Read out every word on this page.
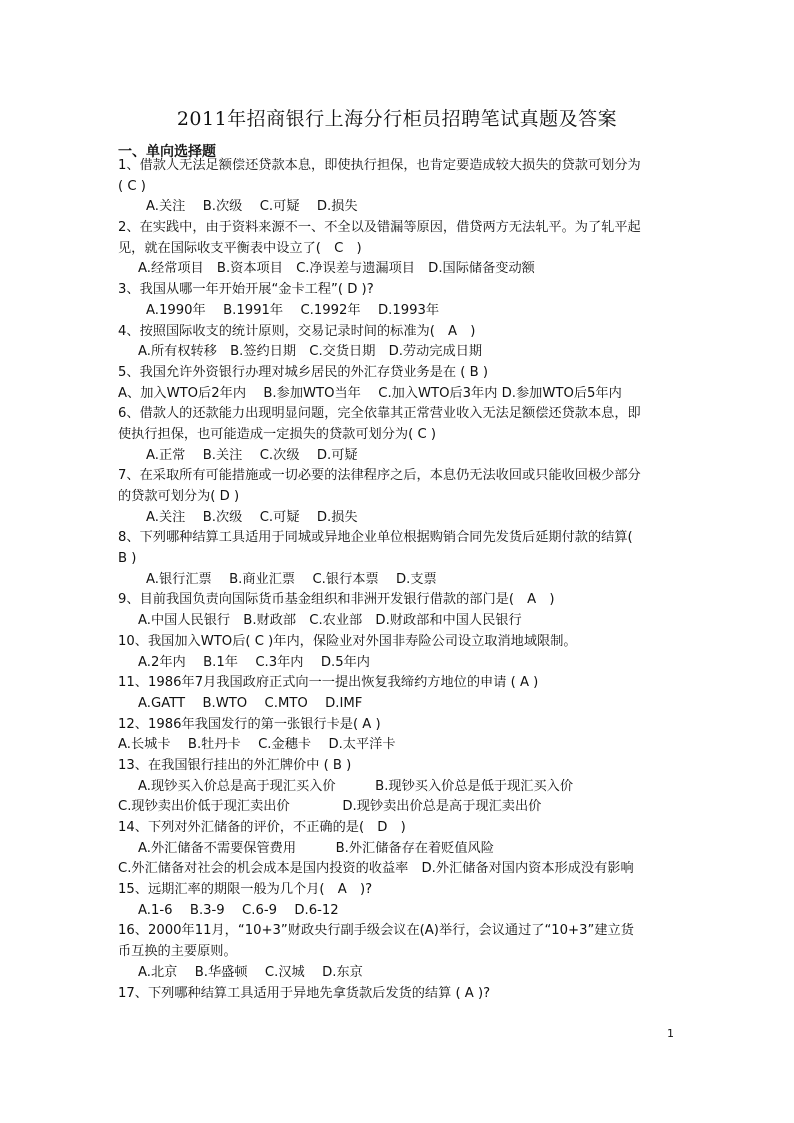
2011年招商银行上海分行柜员招聘笔试真题及答案
一、单向选择题
1、借款人无法足额偿还贷款本息，即使执行担保，也肯定要造成较大损失的贷款可划分为
( C )
A.关注　 B.次级　 C.可疑　 D.损失
2、在实践中，由于资料来源不一、不全以及错漏等原因，借贷两方无法轧平。为了轧平起
见，就在国际收支平衡表中设立了(　C　)
A.经常项目　B.资本项目　C.净误差与遗漏项目　D.国际储备变动额
3、我国从哪一年开始开展“金卡工程”( D )?
A.1990年　 B.1991年　 C.1992年　 D.1993年
4、按照国际收支的统计原则，交易记录时间的标准为(　A　)
A.所有权转移　B.签约日期　C.交货日期　D.劳动完成日期
5、我国允许外资银行办理对城乡居民的外汇存贷业务是在 ( B )
A、加入WTO后2年内　 B.参加WTO当年　 C.加入WTO后3年内 D.参加WTO后5年内
6、借款人的还款能力出现明显问题，完全依靠其正常营业收入无法足额偿还贷款本息，即
使执行担保，也可能造成一定损失的贷款可划分为( C )
A.正常　 B.关注　 C.次级　 D.可疑
7、在采取所有可能措施或一切必要的法律程序之后，本息仍无法收回或只能收回极少部分
的贷款可划分为( D )
A.关注　 B.次级　 C.可疑　 D.损失
8、下列哪种结算工具适用于同城或异地企业单位根据购销合同先发货后延期付款的结算(
B )
A.银行汇票　 B.商业汇票　 C.银行本票　 D.支票
9、目前我国负责向国际货币基金组织和非洲开发银行借款的部门是(　A　)
A.中国人民银行　B.财政部　C.农业部　D.财政部和中国人民银行
10、我国加入WTO后( C )年内，保险业对外国非寿险公司设立取消地域限制。
A.2年内　 B.1年　 C.3年内　 D.5年内
11、1986年7月我国政府正式向一一提出恢复我缔约方地位的申请 ( A )
A.GATT　 B.WTO　 C.MTO　 D.IMF
12、1986年我国发行的第一张银行卡是( A )
A.长城卡　 B.牡丹卡　 C.金穗卡　 D.太平洋卡
13、在我国银行挂出的外汇牌价中 ( B )
A.现钞买入价总是高于现汇买入价　　　B.现钞买入价总是低于现汇买入价
C.现钞卖出价低于现汇卖出价　　　　D.现钞卖出价总是高于现汇卖出价
14、下列对外汇储备的评价，不正确的是(　D　)
A.外汇储备不需要保管费用　　　B.外汇储备存在着贬值风险
C.外汇储备对社会的机会成本是国内投资的收益率　D.外汇储备对国内资本形成没有影响
15、远期汇率的期限一般为几个月(　A　)?
A.1-6　 B.3-9　 C.6-9　 D.6-12
16、2000年11月，“10+3”财政央行副手级会议在(A)举行，会议通过了“10+3”建立货
币互换的主要原则。
A.北京　 B.华盛顿　 C.汉城　 D.东京
17、下列哪种结算工具适用于异地先拿货款后发货的结算 ( A )?
1
